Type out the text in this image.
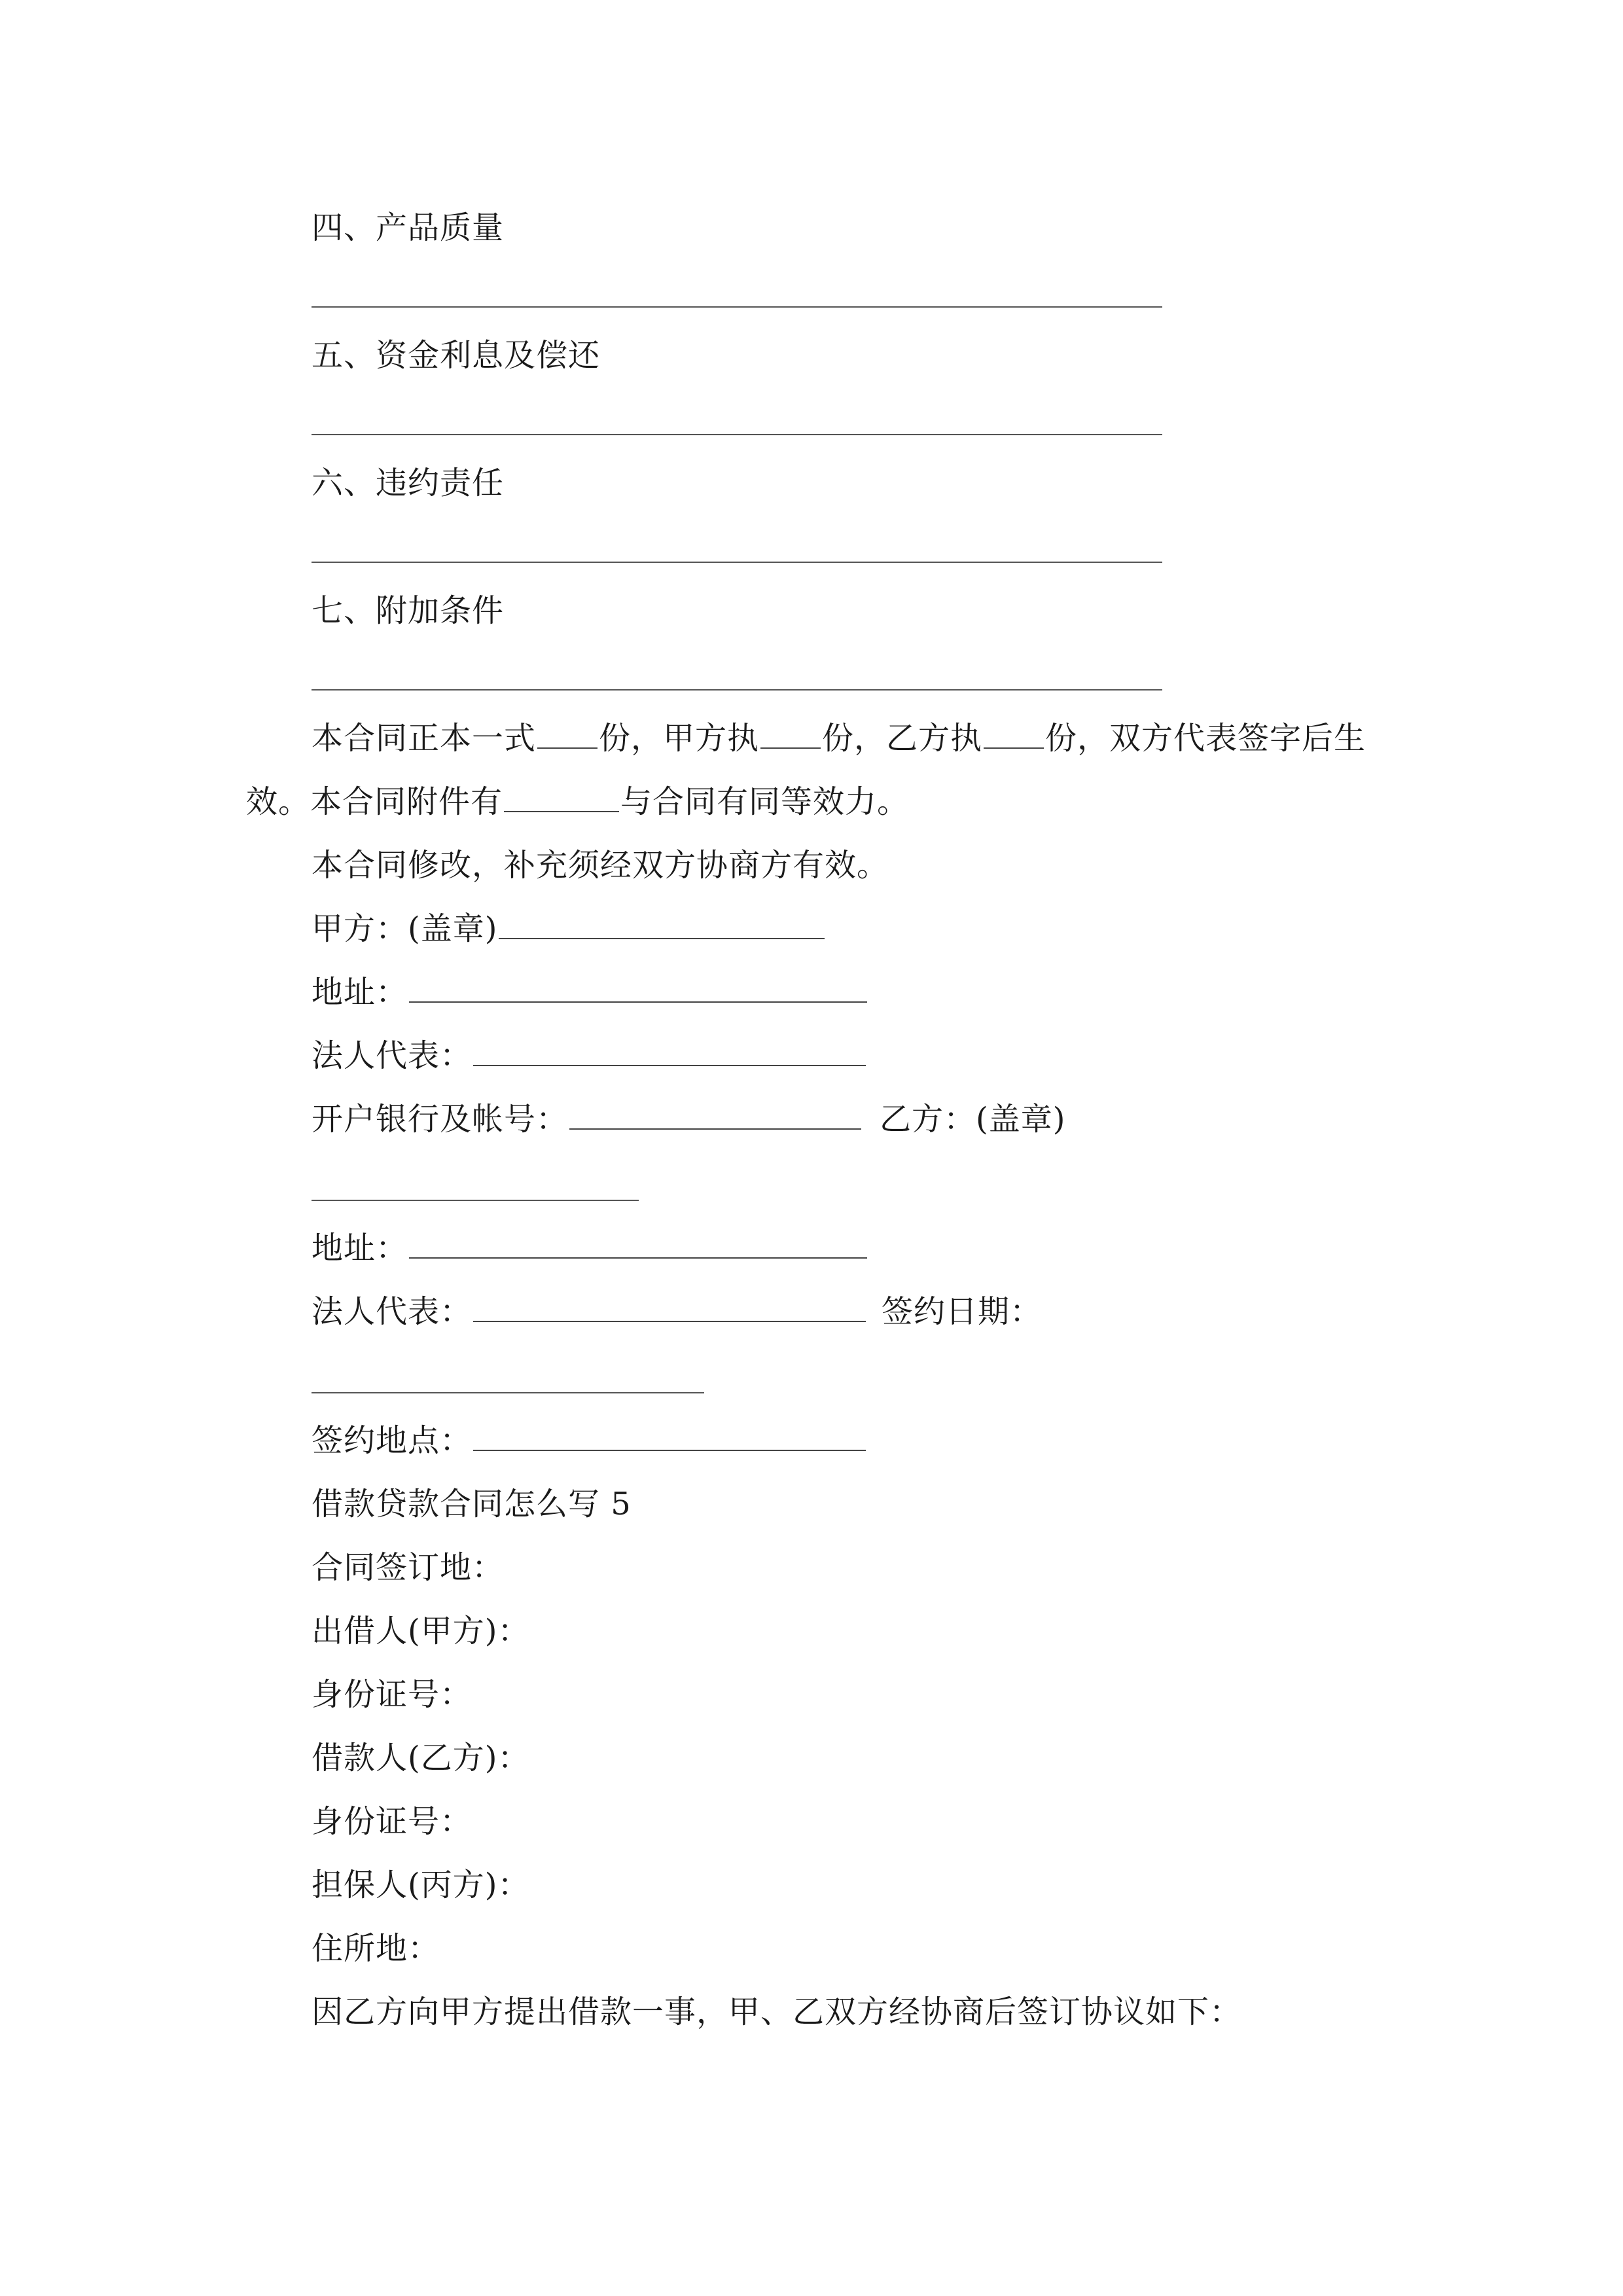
四、产品质量
五、资金利息及偿还
六、违约责任
七、附加条件
本合同正本一式 份，甲方执 份，乙方执 份，双方代表签字后生
效。本合同附件有	与合同有同等效力。
本合同修改，补充须经双方协商方有效。
甲方：(盖章)
地址：
法人代表：
开户银行及帐号：	乙方：(盖章)
地址：
法人代表：	签约日期：
签约地点：
借款贷款合同怎么写 5
合同签订地：
出借人(甲方)：
身份证号：
借款人(乙方)：
身份证号：
担保人(丙方)：
住所地：
因乙方向甲方提出借款一事，甲、乙双方经协商后签订协议如下：
